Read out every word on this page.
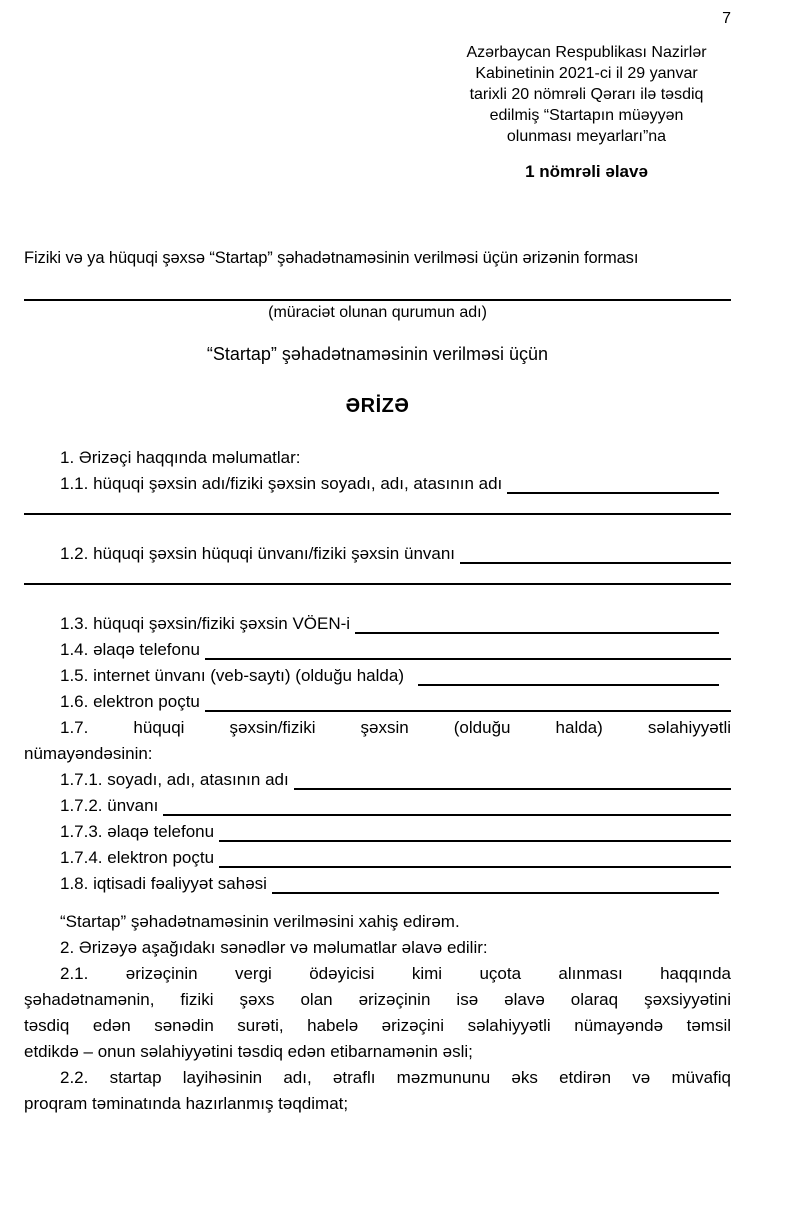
7
Azərbaycan Respublikası Nazirlər
Kabinetinin 2021-ci il 29 yanvar
tarixli 20 nömrəli Qərarı ilə təsdiq
edilmiş “Startapın müəyyən
olunması meyarları”na
1 nömrəli əlavə
Fiziki və ya hüquqi şəxsə “Startap” şəhadətnaməsinin verilməsi üçün ərizənin forması
(müraciət olunan qurumun adı)
“Startap” şəhadətnaməsinin verilməsi üçün
ƏRİZƏ
1. Ərizəçi haqqında məlumatlar:
1.1. hüquqi şəxsin adı/fiziki şəxsin soyadı, adı, atasının adı
1.2. hüquqi şəxsin hüquqi ünvanı/fiziki şəxsin ünvanı
1.3. hüquqi şəxsin/fiziki şəxsin VÖEN-i
1.4. əlaqə telefonu
1.5. internet ünvanı (veb-saytı) (olduğu halda)
1.6. elektron poçtu
1.7. hüquqi şəxsin/fiziki şəxsin (olduğu halda) səlahiyyətli
nümayəndəsinin:
1.7.1. soyadı, adı, atasının adı
1.7.2. ünvanı
1.7.3. əlaqə telefonu
1.7.4. elektron poçtu
1.8. iqtisadi fəaliyyət sahəsi
“Startap” şəhadətnaməsinin verilməsini xahiş edirəm.
2. Ərizəyə aşağıdakı sənədlər və məlumatlar əlavə edilir:
2.1. ərizəçinin vergi ödəyicisi kimi uçota alınması haqqında
şəhadətnamənin, fiziki şəxs olan ərizəçinin isə əlavə olaraq şəxsiyyətini
təsdiq edən sənədin surəti, habelə ərizəçini səlahiyyətli nümayəndə təmsil
etdikdə – onun səlahiyyətini təsdiq edən etibarnamənin əsli;
2.2. startap layihəsinin adı, ətraflı məzmununu əks etdirən və müvafiq
proqram təminatında hazırlanmış təqdimat;
